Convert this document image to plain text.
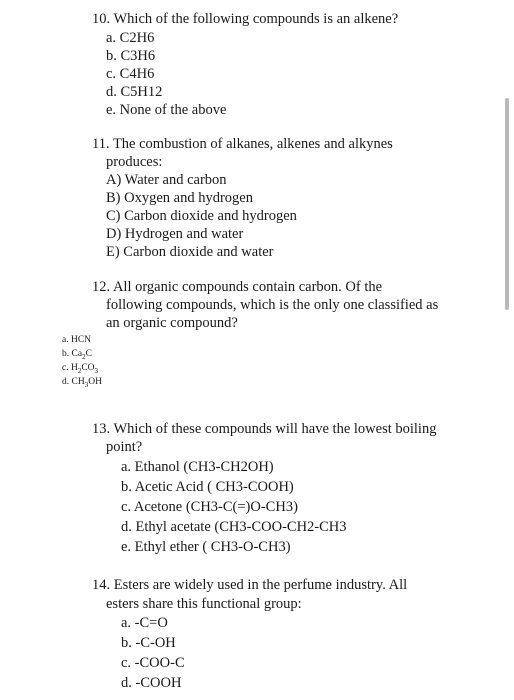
10. Which of the following compounds is an alkene?
a. C2H6
b. C3H6
c. C4H6
d. C5H12
e. None of the above
11. The combustion of alkanes, alkenes and alkynes
produces:
A) Water and carbon
B) Oxygen and hydrogen
C) Carbon dioxide and hydrogen
D) Hydrogen and water
E) Carbon dioxide and water
12. All organic compounds contain carbon. Of the
following compounds, which is the only one classified as
an organic compound?
a. HCN
b. $Ca_2C$
c. $H_2CO_3$
d. $CH_3OH$
13. Which of these compounds will have the lowest boiling
point?
a. Ethanol (CH3-CH2OH)
b. Acetic Acid ( CH3-COOH)
c. Acetone (CH3-C(=)O-CH3)
d. Ethyl acetate (CH3-COO-CH2-CH3
e. Ethyl ether ( CH3-O-CH3)
14. Esters are widely used in the perfume industry. All
esters share this functional group:
a. -C=O
b. -C-OH
c. -COO-C
d. -COOH
